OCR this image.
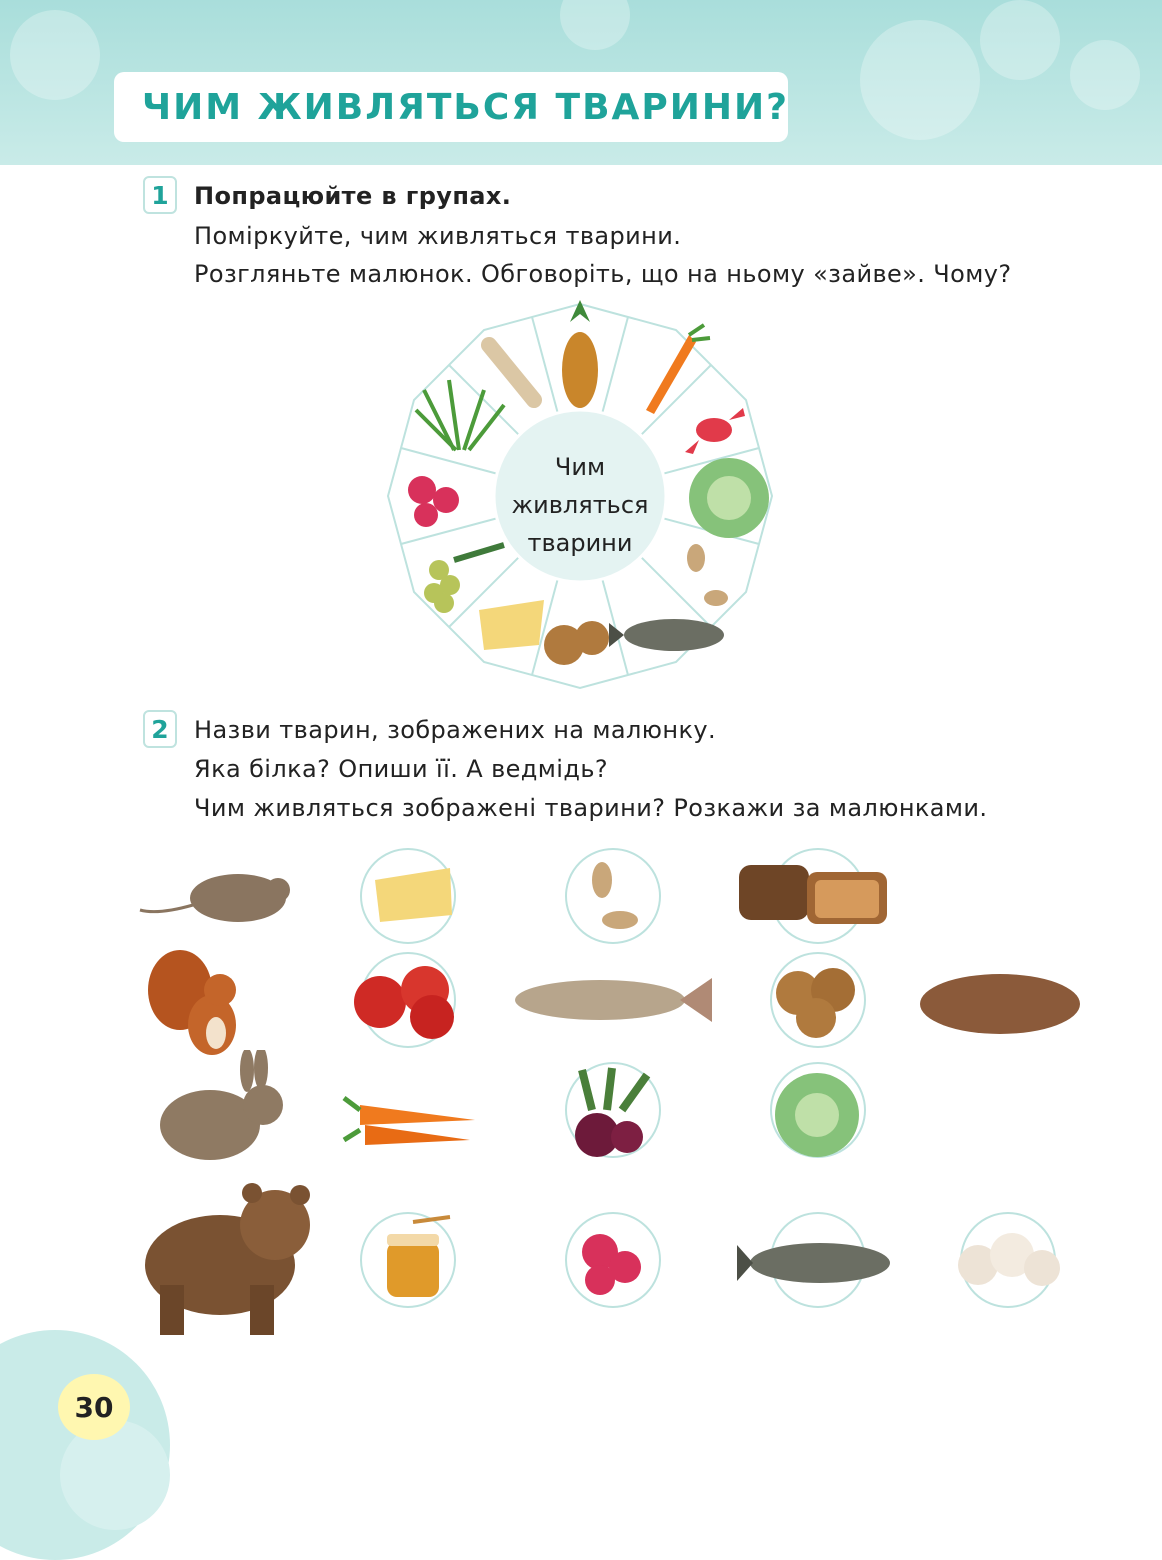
ЧИМ ЖИВЛЯТЬСЯ ТВАРИНИ?
1	Попрацюйте в групах.
Поміркуйте, чим живляться тварини.
Розгляньте малюнок. Обговоріть, що на ньому «зайве». Чому?
Чим
живляться
тварини
2	Назви тварин, зображених на малюнку.
Яка білка? Опиши її. А ведмідь?
Чим живляться зображені тварини? Розкажи за малюнками.
30
